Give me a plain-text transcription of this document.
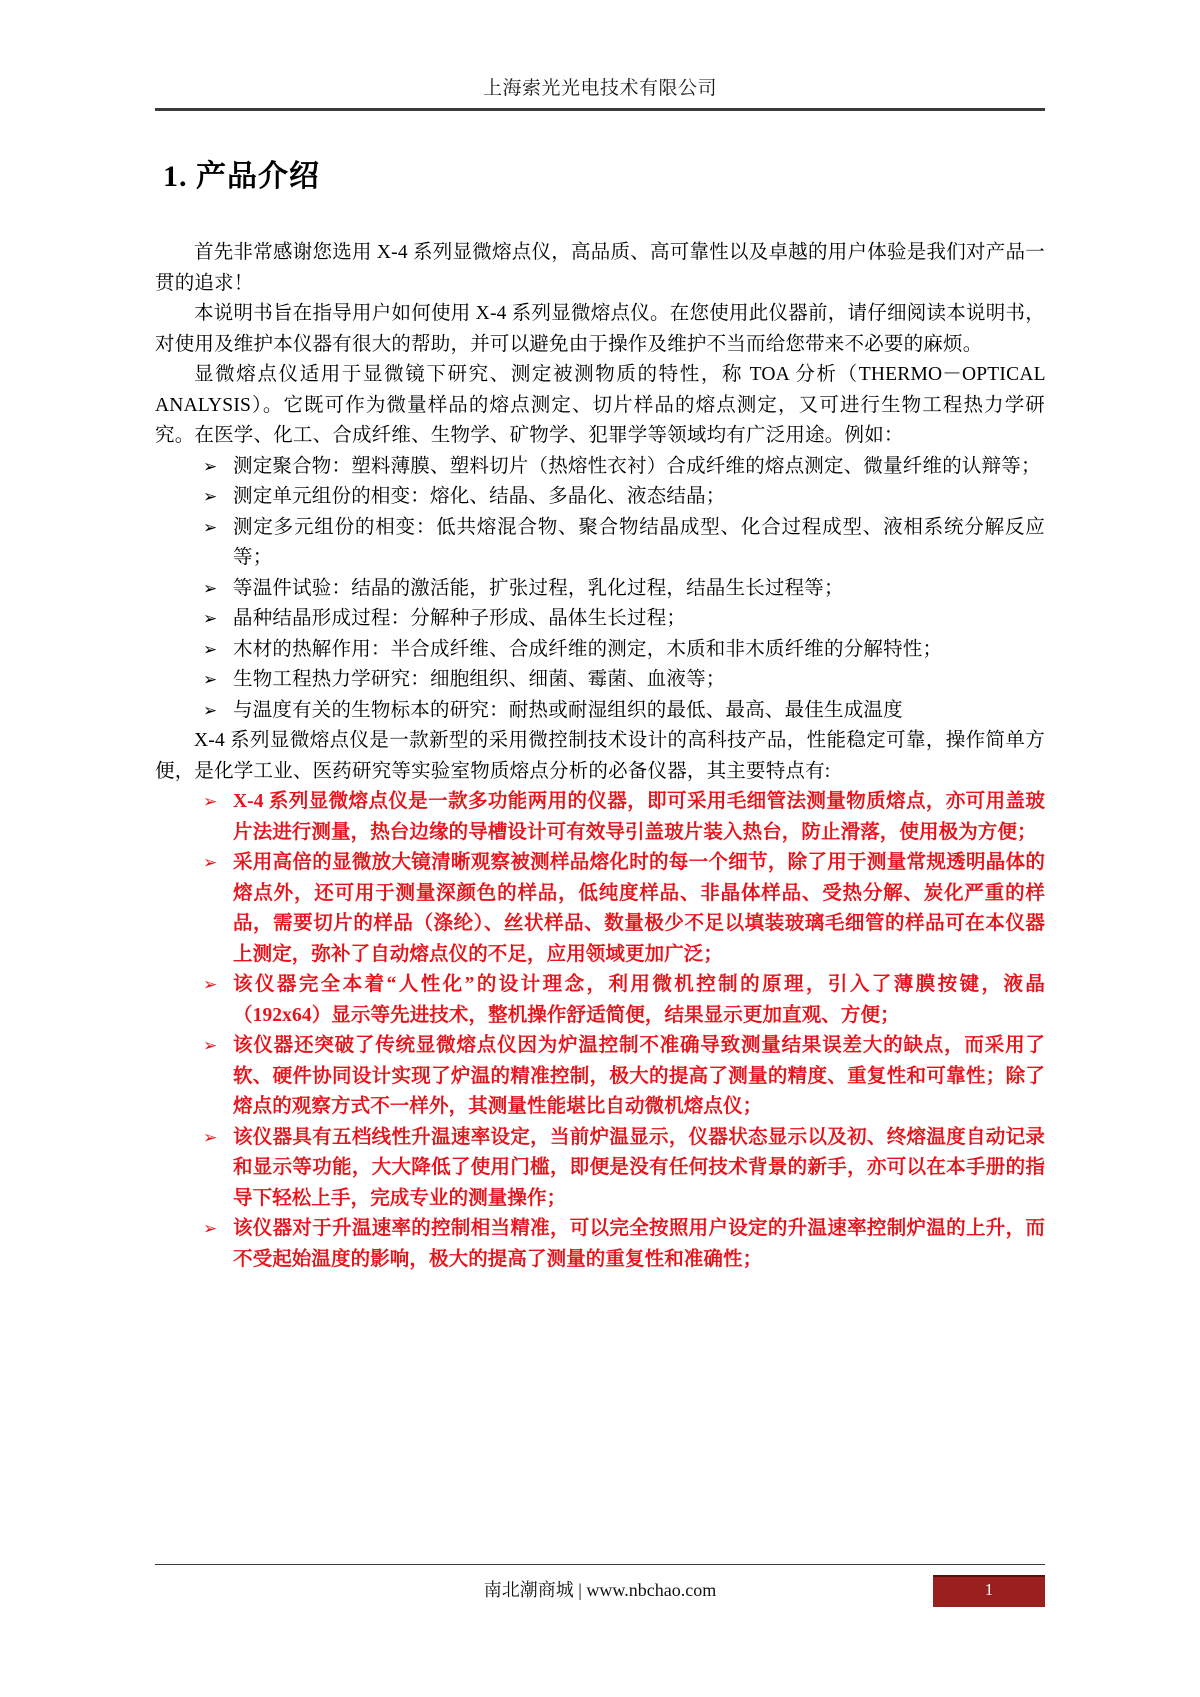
上海索光光电技术有限公司
1. 产品介绍

首先非常感谢您选用 X-4 系列显微熔点仪，高品质、高可靠性以及卓越的用户体验是我们对产品一贯的追求！

本说明书旨在指导用户如何使用 X-4 系列显微熔点仪。在您使用此仪器前，请仔细阅读本说明书，对使用及维护本仪器有很大的帮助，并可以避免由于操作及维护不当而给您带来不必要的麻烦。

显微熔点仪适用于显微镜下研究、测定被测物质的特性，称 TOA 分析（THERMO－OPTICAL　ANALYSIS）。它既可作为微量样品的熔点测定、切片样品的熔点测定，又可进行生物工程热力学研究。在医学、化工、合成纤维、生物学、矿物学、犯罪学等领域均有广泛用途。例如：

➢ 测定聚合物：塑料薄膜、塑料切片（热熔性衣衬）合成纤维的熔点测定、微量纤维的认辩等；
➢ 测定单元组份的相变：熔化、结晶、多晶化、液态结晶；
➢ 测定多元组份的相变：低共熔混合物、聚合物结晶成型、化合过程成型、液相系统分解反应等；
➢ 等温件试验：结晶的激活能，扩张过程，乳化过程，结晶生长过程等；
➢ 晶种结晶形成过程：分解种子形成、晶体生长过程；
➢ 木材的热解作用：半合成纤维、合成纤维的测定，木质和非木质纤维的分解特性；
➢ 生物工程热力学研究：细胞组织、细菌、霉菌、血液等；
➢ 与温度有关的生物标本的研究：耐热或耐湿组织的最低、最高、最佳生成温度

X-4 系列显微熔点仪是一款新型的采用微控制技术设计的高科技产品，性能稳定可靠，操作简单方便，是化学工业、医药研究等实验室物质熔点分析的必备仪器，其主要特点有:

➢ X-4 系列显微熔点仪是一款多功能两用的仪器，即可采用毛细管法测量物质熔点，亦可用盖玻片法进行测量，热台边缘的导槽设计可有效导引盖玻片装入热台，防止滑落，使用极为方便；
➢ 采用高倍的显微放大镜清晰观察被测样品熔化时的每一个细节，除了用于测量常规透明晶体的熔点外，还可用于测量深颜色的样品，低纯度样品、非晶体样品、受热分解、炭化严重的样品，需要切片的样品（涤纶）、丝状样品、数量极少不足以填装玻璃毛细管的样品可在本仪器上测定，弥补了自动熔点仪的不足，应用领域更加广泛；
➢ 该仪器完全本着“人性化”的设计理念，利用微机控制的原理，引入了薄膜按键，液晶（192x64）显示等先进技术，整机操作舒适简便，结果显示更加直观、方便；
➢ 该仪器还突破了传统显微熔点仪因为炉温控制不准确导致测量结果误差大的缺点，而采用了软、硬件协同设计实现了炉温的精准控制，极大的提高了测量的精度、重复性和可靠性；除了熔点的观察方式不一样外，其测量性能堪比自动微机熔点仪；
➢ 该仪器具有五档线性升温速率设定，当前炉温显示，仪器状态显示以及初、终熔温度自动记录和显示等功能，大大降低了使用门槛，即便是没有任何技术背景的新手，亦可以在本手册的指导下轻松上手，完成专业的测量操作；
➢ 该仪器对于升温速率的控制相当精准，可以完全按照用户设定的升温速率控制炉温的上升，而不受起始温度的影响，极大的提高了测量的重复性和准确性；
南北潮商城 | www.nbchao.com	1
